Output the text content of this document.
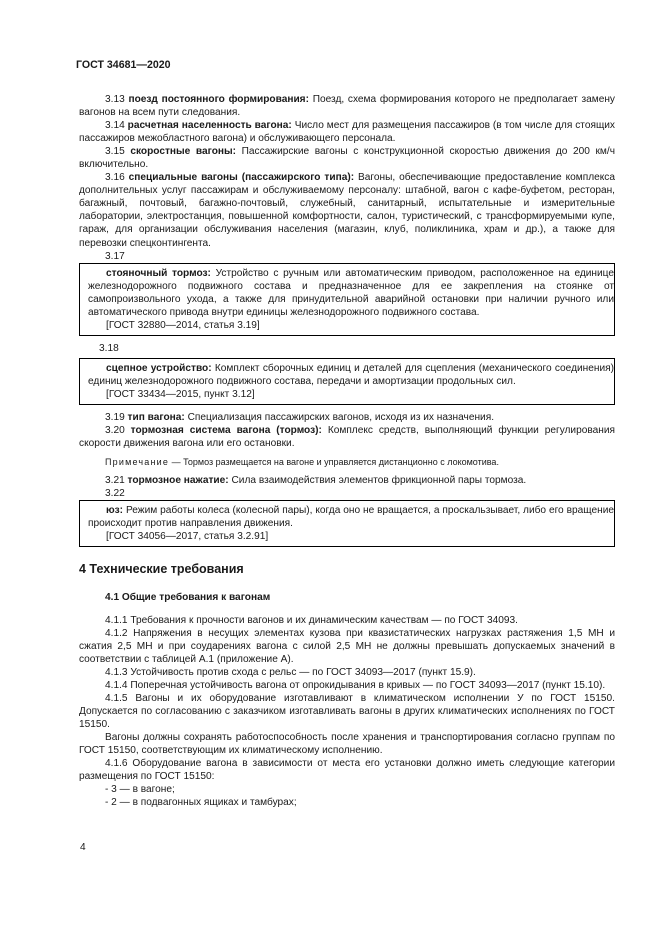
ГОСТ 34681—2020

3.13 поезд постоянного формирования: Поезд, схема формирования которого не предполагает замену вагонов на всем пути следования.

3.14 расчетная населенность вагона: Число мест для размещения пассажиров (в том числе для стоящих пассажиров межобластного вагона) и обслуживающего персонала.

3.15 скоростные вагоны: Пассажирские вагоны с конструкционной скоростью движения до 200 км/ч включительно.

3.16 специальные вагоны (пассажирского типа): Вагоны, обеспечивающие предоставление комплекса дополнительных услуг пассажирам и обслуживаемому персоналу: штабной, вагон с кафе-буфетом, ресторан, багажный, почтовый, багажно-почтовый, служебный, санитарный, испытательные и измерительные лаборатории, электростанция, повышенной комфортности, салон, туристический, с трансформируемыми купе, гараж, для организации обслуживания населения (магазин, клуб, поликлиника, храм и др.), а также для перевозки спецконтингента.

3.17

стояночный тормоз: Устройство с ручным или автоматическим приводом, расположенное на единице железнодорожного подвижного состава и предназначенное для ее закрепления на стоянке от самопроизвольного ухода, а также для принудительной аварийной остановки при наличии ручного или автоматического привода внутри единицы железнодорожного подвижного состава.

[ГОСТ 32880—2014, статья 3.19]

3.18

сцепное устройство: Комплект сборочных единиц и деталей для сцепления (механического соединения) единиц железнодорожного подвижного состава, передачи и амортизации продольных сил.

[ГОСТ 33434—2015, пункт 3.12]

3.19 тип вагона: Специализация пассажирских вагонов, исходя из их назначения.

3.20 тормозная система вагона (тормоз): Комплекс средств, выполняющий функции регулирования скорости движения вагона или его остановки.

Примечание — Тормоз размещается на вагоне и управляется дистанционно с локомотива.

3.21 тормозное нажатие: Сила взаимодействия элементов фрикционной пары тормоза.

3.22

юз: Режим работы колеса (колесной пары), когда оно не вращается, а проскальзывает, либо его вращение происходит против направления движения.

[ГОСТ 34056—2017, статья 3.2.91]

4 Технические требования
4.1 Общие требования к вагонам

4.1.1 Требования к прочности вагонов и их динамическим качествам — по ГОСТ 34093.

4.1.2 Напряжения в несущих элементах кузова при квазистатических нагрузках растяжения 1,5 МН и сжатия 2,5 МН и при соударениях вагона с силой 2,5 МН не должны превышать допускаемых значений в соответствии с таблицей А.1 (приложение А).

4.1.3 Устойчивость против схода с рельс — по ГОСТ 34093—2017 (пункт 15.9).

4.1.4 Поперечная устойчивость вагона от опрокидывания в кривых — по ГОСТ 34093—2017 (пункт 15.10).

4.1.5 Вагоны и их оборудование изготавливают в климатическом исполнении У по ГОСТ 15150. Допускается по согласованию с заказчиком изготавливать вагоны в других климатических исполнениях по ГОСТ 15150.

Вагоны должны сохранять работоспособность после хранения и транспортирования согласно группам по ГОСТ 15150, соответствующим их климатическому исполнению.

4.1.6 Оборудование вагона в зависимости от места его установки должно иметь следующие категории размещения по ГОСТ 15150:

- 3 — в вагоне;

- 2 — в подвагонных ящиках и тамбурах;

4
